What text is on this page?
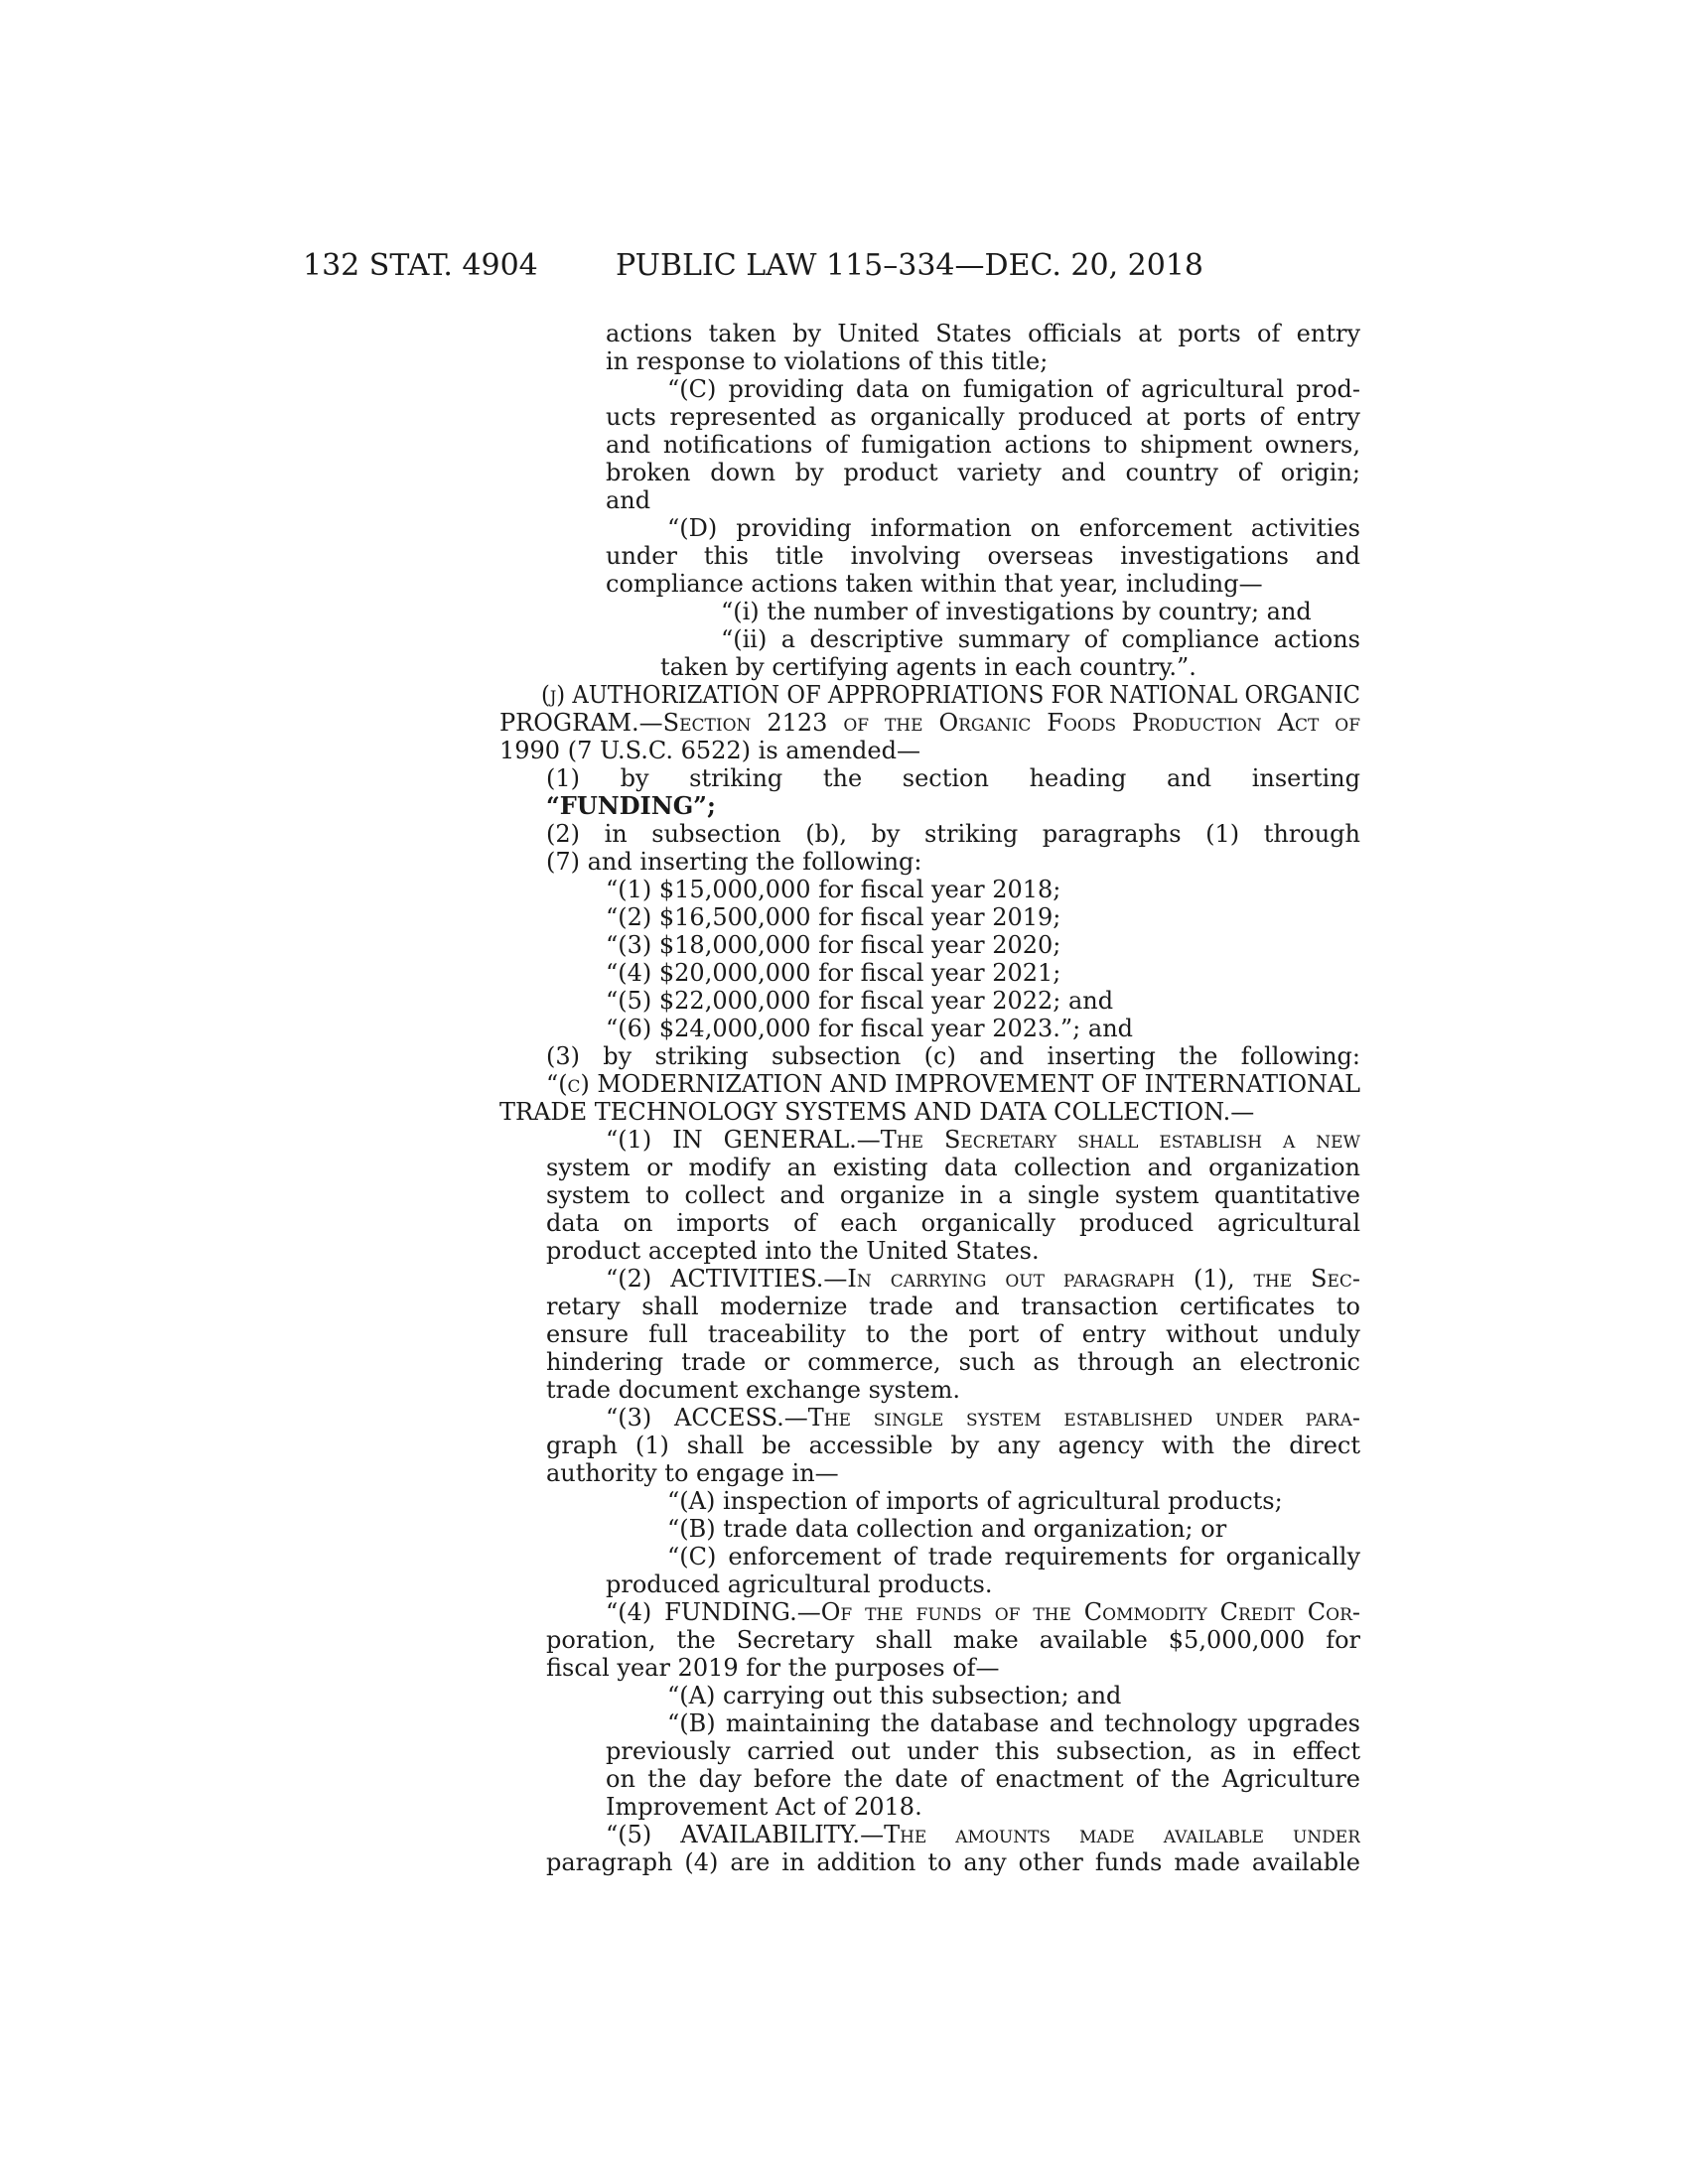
132 STAT. 4904	PUBLIC LAW 115–334—DEC. 20, 2018
actions taken by United States officials at ports of entry
in response to violations of this title;
“(C) providing data on fumigation of agricultural prod-
ucts represented as organically produced at ports of entry
and notifications of fumigation actions to shipment owners,
broken down by product variety and country of origin;
and
“(D) providing information on enforcement activities
under this title involving overseas investigations and
compliance actions taken within that year, including—
“(i) the number of investigations by country; and
“(ii) a descriptive summary of compliance actions
taken by certifying agents in each country.”.
(j) AUTHORIZATION OF APPROPRIATIONS FOR NATIONAL ORGANIC
PROGRAM.—Section 2123 of the Organic Foods Production Act of
1990 (7 U.S.C. 6522) is amended—
(1) by striking the section heading and inserting
“FUNDING”;
(2) in subsection (b), by striking paragraphs (1) through
(7) and inserting the following:
“(1) $15,000,000 for fiscal year 2018;
“(2) $16,500,000 for fiscal year 2019;
“(3) $18,000,000 for fiscal year 2020;
“(4) $20,000,000 for fiscal year 2021;
“(5) $22,000,000 for fiscal year 2022; and
“(6) $24,000,000 for fiscal year 2023.”; and
(3) by striking subsection (c) and inserting the following:
“(c) MODERNIZATION AND IMPROVEMENT OF INTERNATIONAL
TRADE TECHNOLOGY SYSTEMS AND DATA COLLECTION.—
“(1) IN GENERAL.—The Secretary shall establish a new
system or modify an existing data collection and organization
system to collect and organize in a single system quantitative
data on imports of each organically produced agricultural
product accepted into the United States.
“(2) ACTIVITIES.—In carrying out paragraph (1), the Sec-
retary shall modernize trade and transaction certificates to
ensure full traceability to the port of entry without unduly
hindering trade or commerce, such as through an electronic
trade document exchange system.
“(3) ACCESS.—The single system established under para-
graph (1) shall be accessible by any agency with the direct
authority to engage in—
“(A) inspection of imports of agricultural products;
“(B) trade data collection and organization; or
“(C) enforcement of trade requirements for organically
produced agricultural products.
“(4) FUNDING.—Of the funds of the Commodity Credit Cor-
poration, the Secretary shall make available $5,000,000 for
fiscal year 2019 for the purposes of—
“(A) carrying out this subsection; and
“(B) maintaining the database and technology upgrades
previously carried out under this subsection, as in effect
on the day before the date of enactment of the Agriculture
Improvement Act of 2018.
“(5) AVAILABILITY.—The amounts made available under
paragraph (4) are in addition to any other funds made available
